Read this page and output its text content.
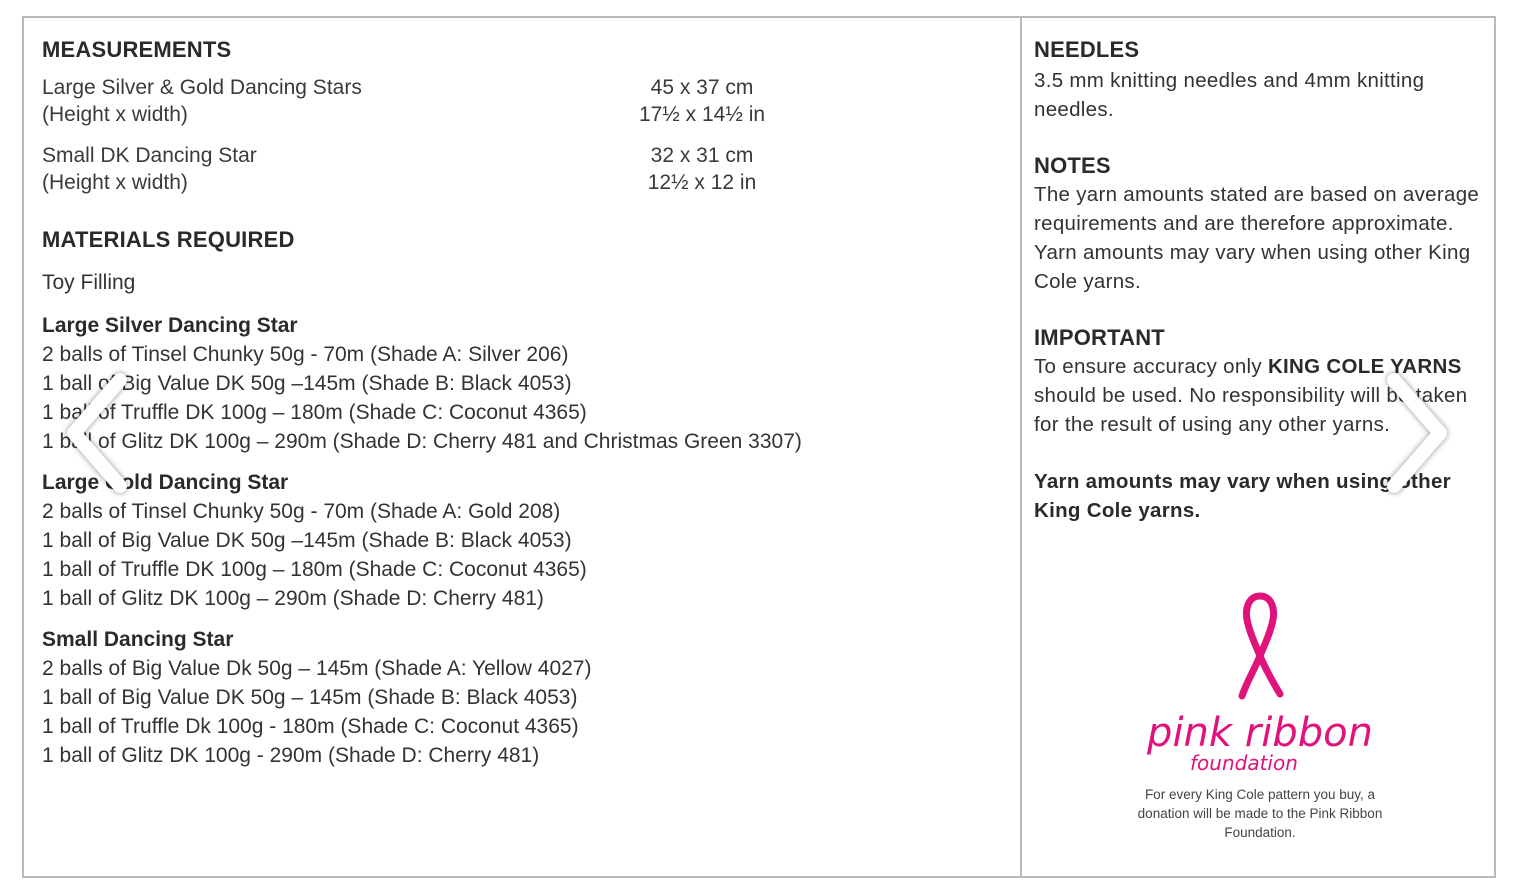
MEASUREMENTS
Large Silver & Gold Dancing Stars
(Height x width)
45 x 37 cm
17½ x 14½ in
Small DK Dancing Star
(Height x width)
32 x 31 cm
12½ x 12 in
MATERIALS REQUIRED
Toy Filling
Large Silver Dancing Star
2 balls of Tinsel Chunky 50g - 70m (Shade A: Silver 206)
1 ball of Big Value DK 50g –145m (Shade B: Black 4053)
1 ball of Truffle DK 100g – 180m (Shade C: Coconut 4365)
1 ball of Glitz DK 100g – 290m (Shade D: Cherry 481 and Christmas Green 3307)
Large Gold Dancing Star
2 balls of Tinsel Chunky 50g - 70m (Shade A: Gold 208)
1 ball of Big Value DK 50g –145m (Shade B: Black 4053)
1 ball of Truffle DK 100g – 180m (Shade C: Coconut 4365)
1 ball of Glitz DK 100g – 290m (Shade D: Cherry 481)
Small Dancing Star
2 balls of Big Value Dk 50g – 145m (Shade A: Yellow 4027)
1 ball of Big Value DK 50g – 145m (Shade B: Black 4053)
1 ball of Truffle Dk 100g - 180m (Shade C: Coconut 4365)
1 ball of Glitz DK 100g - 290m (Shade D: Cherry 481)
NEEDLES
3.5 mm knitting needles and 4mm knitting needles.
NOTES
The yarn amounts stated are based on average requirements and are therefore approximate. Yarn amounts may vary when using other King Cole yarns.
IMPORTANT
To ensure accuracy only KING COLE YARNS should be used. No responsibility will be taken for the result of using any other yarns.
Yarn amounts may vary when using other King Cole yarns.
pink ribbon
foundation
For every King Cole pattern you buy, a donation will be made to the Pink Ribbon Foundation.
